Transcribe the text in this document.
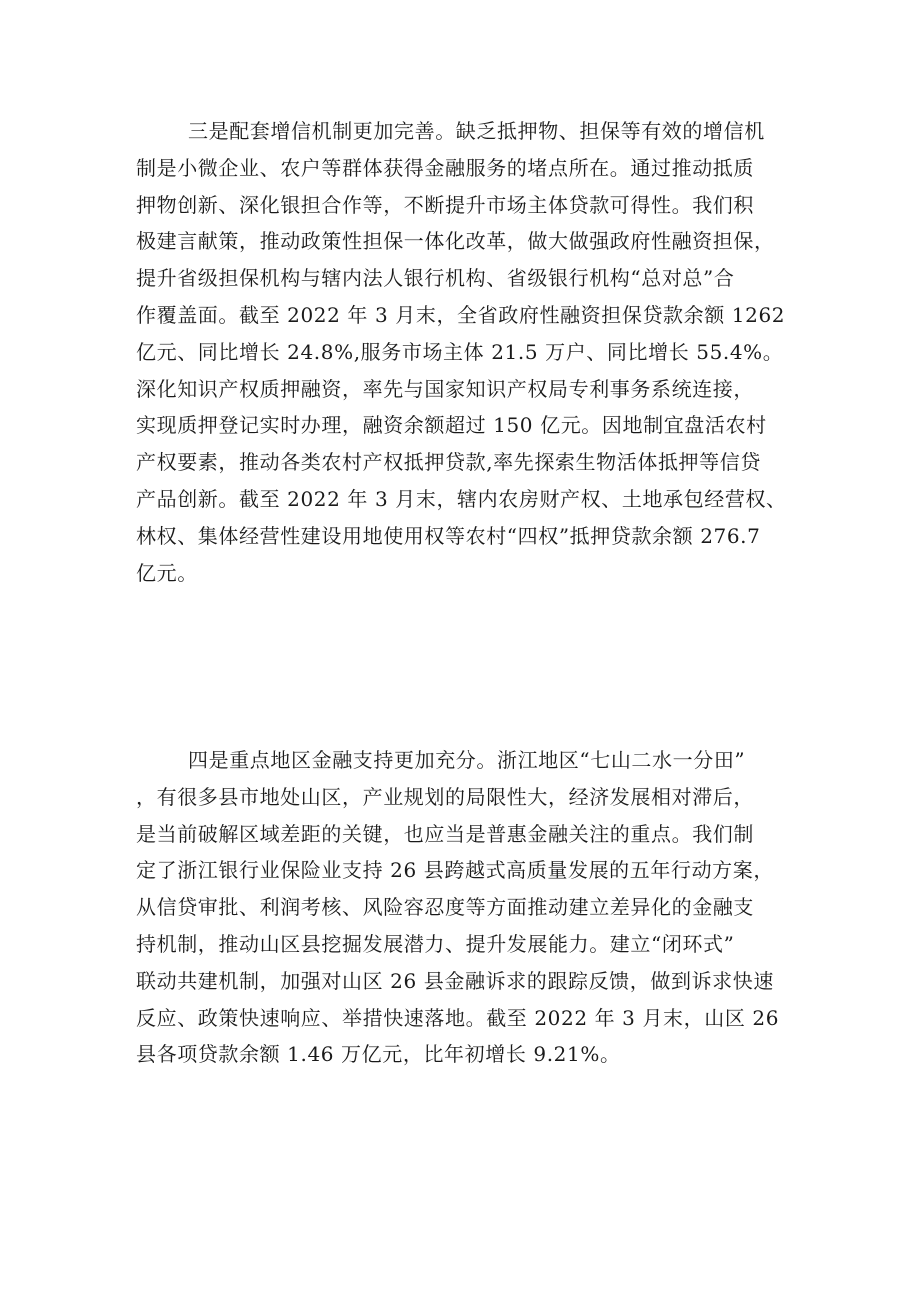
三是配套增信机制更加完善。缺乏抵押物、担保等有效的增信机
制是小微企业、农户等群体获得金融服务的堵点所在。通过推动抵质
押物创新、深化银担合作等，不断提升市场主体贷款可得性。我们积
极建言献策，推动政策性担保一体化改革，做大做强政府性融资担保，
提升省级担保机构与辖内法人银行机构、省级银行机构“总对总”合
作覆盖面。截至 2022 年 3 月末，全省政府性融资担保贷款余额 1262
亿元、同比增长 24.8%,服务市场主体 21.5 万户、同比增长 55.4%。
深化知识产权质押融资，率先与国家知识产权局专利事务系统连接，
实现质押登记实时办理，融资余额超过 150 亿元。因地制宜盘活农村
产权要素，推动各类农村产权抵押贷款,率先探索生物活体抵押等信贷
产品创新。截至 2022 年 3 月末，辖内农房财产权、土地承包经营权、
林权、集体经营性建设用地使用权等农村“四权”抵押贷款余额 276.7
亿元。
四是重点地区金融支持更加充分。浙江地区“七山二水一分田”
，有很多县市地处山区，产业规划的局限性大，经济发展相对滞后，
是当前破解区域差距的关键，也应当是普惠金融关注的重点。我们制
定了浙江银行业保险业支持 26 县跨越式高质量发展的五年行动方案，
从信贷审批、利润考核、风险容忍度等方面推动建立差异化的金融支
持机制，推动山区县挖掘发展潜力、提升发展能力。建立“闭环式”
联动共建机制，加强对山区 26 县金融诉求的跟踪反馈，做到诉求快速
反应、政策快速响应、举措快速落地。截至 2022 年 3 月末，山区 26
县各项贷款余额 1.46 万亿元，比年初增长 9.21%。
